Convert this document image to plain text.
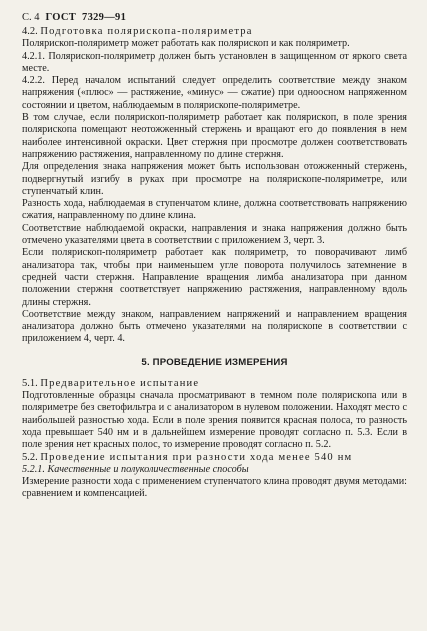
С. 4 ГОСТ 7329—91
4.2. Подготовка полярископа-поляриметра

Полярископ-поляриметр может работать как полярископ и как поляриметр.

4.2.1. Полярископ-поляриметр должен быть установлен в защищенном от яркого света месте.

4.2.2. Перед началом испытаний следует определить соответствие между знаком напряжения («плюс» — растяжение, «минус» — сжатие) при одноосном напряженном состоянии и цветом, наблюдаемым в полярископе-поляриметре.

В том случае, если полярископ-поляриметр работает как полярископ, в поле зрения полярископа помещают неотожженный стержень и вращают его до появления в нем наиболее интенсивной окраски. Цвет стержня при просмотре должен соответствовать напряжению растяжения, направленному по длине стержня.

Для определения знака напряжения может быть использован отожженный стержень, подвергнутый изгибу в руках при просмотре на полярископе-поляриметре, или ступенчатый клин.

Разность хода, наблюдаемая в ступенчатом клине, должна соответствовать напряжению сжатия, направленному по длине клина.

Соответствие наблюдаемой окраски, направления и знака напряжения должно быть отмечено указателями цвета в соответствии с приложением 3, черт. 3.

Если полярископ-поляриметр работает как поляриметр, то поворачивают лимб анализатора так, чтобы при наименьшем угле поворота получилось затемнение в средней части стержня. Направление вращения лимба анализатора при данном положении стержня соответствует напряжению растяжения, направленному вдоль длины стержня.

Соответствие между знаком, направлением напряжений и направлением вращения анализатора должно быть отмечено указателями на полярископе в соответствии с приложением 4, черт. 4.

5. ПРОВЕДЕНИЕ ИЗМЕРЕНИЯ
5.1. Предварительное испытание

Подготовленные образцы сначала просматривают в темном поле полярископа или в поляриметре без светофильтра и с анализатором в нулевом положении. Находят место с наибольшей разностью хода. Если в поле зрения появится красная полоса, то разность хода превышает 540 нм и в дальнейшем измерение проводят согласно п. 5.3. Если в поле зрения нет красных полос, то измерение проводят согласно п. 5.2.

5.2. Проведение испытания при разности хода менее 540 нм

5.2.1. Качественные и полуколичественные способы

Измерение разности хода с применением ступенчатого клина проводят двумя методами: сравнением и компенсацией.
